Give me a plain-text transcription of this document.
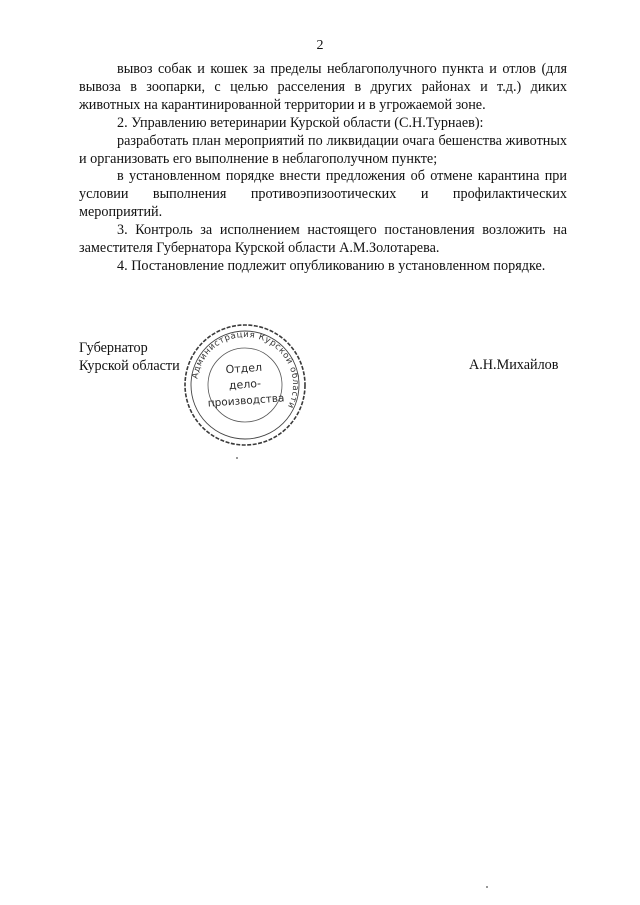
2

вывоз собак и кошек за пределы неблагополучного пункта и отлов (для вывоза в зоопарки, с целью расселения в других районах и т.д.) диких животных на карантинированной территории и в угрожаемой зоне.

2. Управлению ветеринарии Курской области (С.Н.Турнаев):

разработать план мероприятий по ликвидации очага бешенства животных и организовать его выполнение в неблагополучном пункте;

в установленном порядке внести предложения об отмене карантина при условии выполнения противоэпизоотических и профилактических мероприятий.

3. Контроль за исполнением настоящего постановления возложить на заместителя Губернатора Курской области А.М.Золотарева.

4. Постановление подлежит опубликованию в установленном порядке.

Губернатор
Курской области	А.Н.Михайлов
Администрация Курской области
Отдел
дело-
производства
